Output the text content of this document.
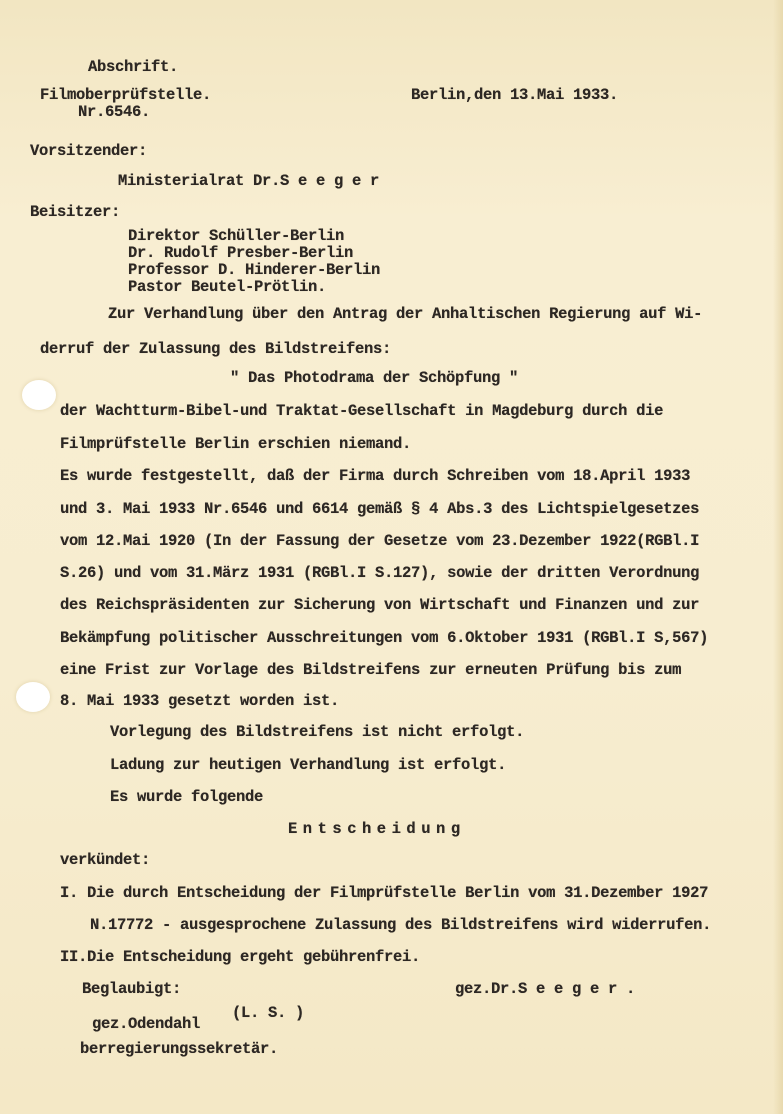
Abschrift.
Filmoberprüfstelle.	Berlin,den 13.Mai 1933.
Nr.6546.
Vorsitzender:
Ministerialrat Dr.S e e g e r
Beisitzer:
Direktor Schüller-Berlin
Dr. Rudolf Presber-Berlin
Professor D. Hinderer-Berlin
Pastor Beutel-Prötlin.
Zur Verhandlung über den Antrag der Anhaltischen Regierung auf Wi-
derruf der Zulassung des Bildstreifens:
" Das Photodrama der Schöpfung "
der Wachtturm-Bibel-und Traktat-Gesellschaft in Magdeburg durch die
Filmprüfstelle Berlin erschien niemand.
Es wurde festgestellt, daß der Firma durch Schreiben vom 18.April 1933
und 3. Mai 1933 Nr.6546 und 6614 gemäß § 4 Abs.3 des Lichtspielgesetzes
vom 12.Mai 1920 (In der Fassung der Gesetze vom 23.Dezember 1922(RGBl.I
S.26) und vom 31.März 1931 (RGBl.I S.127), sowie der dritten Verordnung
des Reichspräsidenten zur Sicherung von Wirtschaft und Finanzen und zur
Bekämpfung politischer Ausschreitungen vom 6.Oktober 1931 (RGBl.I S,567)
eine Frist zur Vorlage des Bildstreifens zur erneuten Prüfung bis zum
8. Mai 1933 gesetzt worden ist.
Vorlegung des Bildstreifens ist nicht erfolgt.
Ladung zur heutigen Verhandlung ist erfolgt.
Es wurde folgende
Entscheidung
verkündet:
I. Die durch Entscheidung der Filmprüfstelle Berlin vom 31.Dezember 1927
N.17772 - ausgesprochene Zulassung des Bildstreifens wird widerrufen.
II.Die Entscheidung ergeht gebührenfrei.
Beglaubigt:	gez.Dr.S e e g e r .
gez.Odendahl
(L. S. )
berregierungssekretär.
